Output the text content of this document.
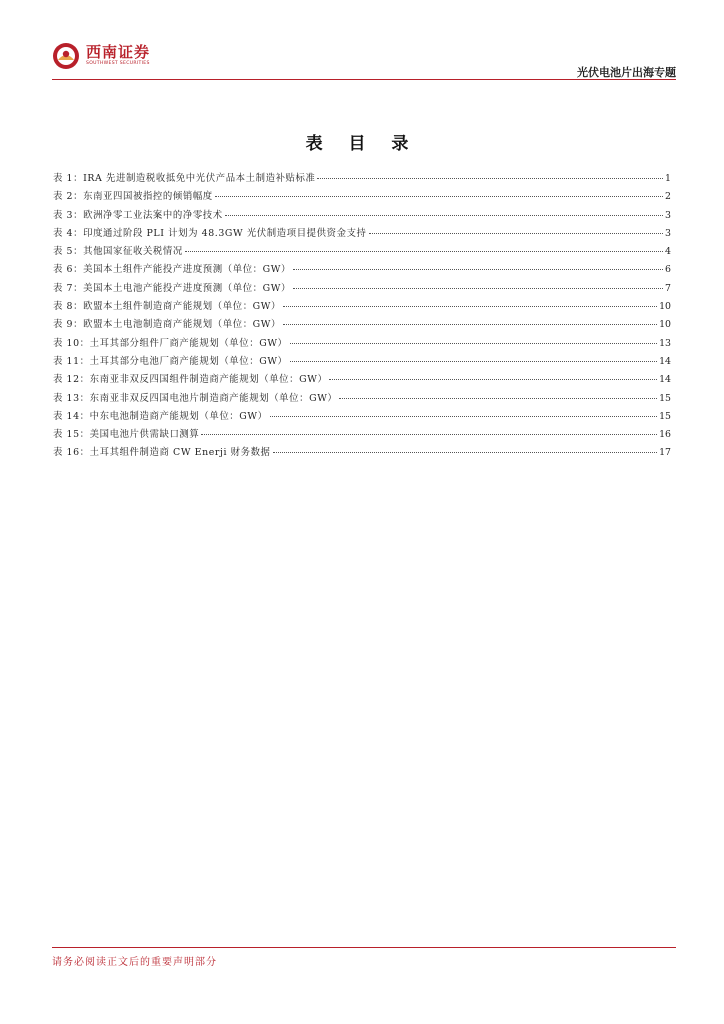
西南证券
SOUTHWEST SECURITIES
光伏电池片出海专题
表 目 录
表 1：IRA 先进制造税收抵免中光伏产品本土制造补贴标准	1
表 2：东南亚四国被指控的倾销幅度	2
表 3：欧洲净零工业法案中的净零技术	3
表 4：印度通过阶段 PLI 计划为 48.3GW 光伏制造项目提供资金支持	3
表 5：其他国家征收关税情况	4
表 6：美国本土组件产能投产进度预测（单位：GW）	6
表 7：美国本土电池产能投产进度预测（单位：GW）	7
表 8：欧盟本土组件制造商产能规划（单位：GW）	10
表 9：欧盟本土电池制造商产能规划（单位：GW）	10
表 10：土耳其部分组件厂商产能规划（单位：GW）	13
表 11：土耳其部分电池厂商产能规划（单位：GW）	14
表 12：东南亚非双反四国组件制造商产能规划（单位：GW）	14
表 13：东南亚非双反四国电池片制造商产能规划（单位：GW）	15
表 14：中东电池制造商产能规划（单位：GW）	15
表 15：美国电池片供需缺口测算	16
表 16：土耳其组件制造商 CW Enerji 财务数据	17
请务必阅读正文后的重要声明部分
